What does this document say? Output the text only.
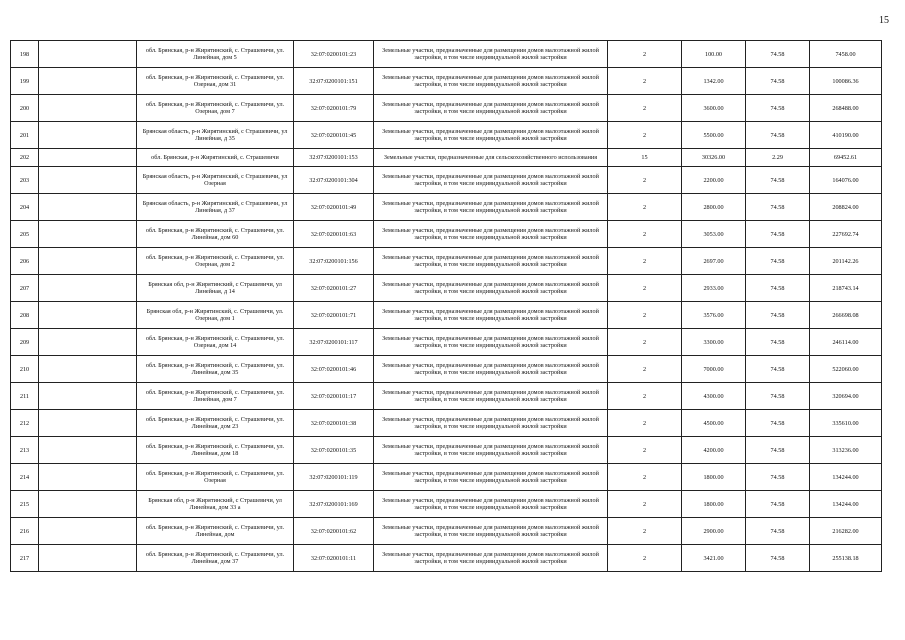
15
198		обл. Брянская, р-н Жирятинский, с. Страшевичи, ул. Линейная, дом 5	32:07:0200101:23	Земельные участки, предназначенные для размещения домов малоэтажной жилой застройки, в том числе индивидуальной жилой застройки	2	100.00	74.58	7458.00
199		обл. Брянская, р-н Жирятинский, с. Страшевичи, ул. Озерная, дом 31	32:07:0200101:151	Земельные участки, предназначенные для размещения домов малоэтажной жилой застройки, в том числе индивидуальной жилой застройки	2	1342.00	74.58	100086.36
200		обл. Брянская, р-н Жирятинский, с. Страшевичи, ул. Озерная, дом 7	32:07:0200101:79	Земельные участки, предназначенные для размещения домов малоэтажной жилой застройки, в том числе индивидуальной жилой застройки	2	3600.00	74.58	268488.00
201		Брянская область, р-н Жирятинский, с Страшевичи, ул Линейная, д 35	32:07:0200101:45	Земельные участки, предназначенные для размещения домов малоэтажной жилой застройки, в том числе индивидуальной жилой застройки	2	5500.00	74.58	410190.00
202		обл. Брянская, р-н Жирятинский, с. Страшевичи	32:07:0200101:153	Земельные участки, предназначенные для сельскохозяйственного использования	15	30326.00	2.29	69452.61
203		Брянская область, р-н Жирятинский, с Страшевичи, ул Озерная	32:07:0200101:304	Земельные участки, предназначенные для размещения домов малоэтажной жилой застройки, в том числе индивидуальной жилой застройки	2	2200.00	74.58	164076.00
204		Брянская область, р-н Жирятинский, с Страшевичи, ул Линейная, д 37	32:07:0200101:49	Земельные участки, предназначенные для размещения домов малоэтажной жилой застройки, в том числе индивидуальной жилой застройки	2	2800.00	74.58	208824.00
205		обл. Брянская, р-н Жирятинский, с. Страшевичи, ул. Линейная, дом 60	32:07:0200101:63	Земельные участки, предназначенные для размещения домов малоэтажной жилой застройки, в том числе индивидуальной жилой застройки	2	3053.00	74.58	227692.74
206		обл. Брянская, р-н Жирятинский, с. Страшевичи, ул. Озерная, дом 2	32:07:0200101:156	Земельные участки, предназначенные для размещения домов малоэтажной жилой застройки, в том числе индивидуальной жилой застройки	2	2697.00	74.58	201142.26
207		Брянская обл, р-н Жирятинский, с Страшевичи, ул Линейная, д 14	32:07:0200101:27	Земельные участки, предназначенные для размещения домов малоэтажной жилой застройки, в том числе индивидуальной жилой застройки	2	2933.00	74.58	218743.14
208		Брянская обл, р-н Жирятинский, с. Страшевичи, ул. Озерная, дом 1	32:07:0200101:71	Земельные участки, предназначенные для размещения домов малоэтажной жилой застройки, в том числе индивидуальной жилой застройки	2	3576.00	74.58	266698.08
209		обл. Брянская, р-н Жирятинский, с. Страшевичи, ул. Озерная, дом 14	32:07:0200101:117	Земельные участки, предназначенные для размещения домов малоэтажной жилой застройки, в том числе индивидуальной жилой застройки	2	3300.00	74.58	246114.00
210		обл. Брянская, р-н Жирятинский, с. Страшевичи, ул. Линейная, дом 35	32:07:0200101:46	Земельные участки, предназначенные для размещения домов малоэтажной жилой застройки, в том числе индивидуальной жилой застройки	2	7000.00	74.58	522060.00
211		обл. Брянская, р-н Жирятинский, с. Страшевичи, ул. Линейная, дом 7	32:07:0200101:17	Земельные участки, предназначенные для размещения домов малоэтажной жилой застройки, в том числе индивидуальной жилой застройки	2	4300.00	74.58	320694.00
212		обл. Брянская, р-н Жирятинский, с. Страшевичи, ул. Линейная, дом 23	32:07:0200101:38	Земельные участки, предназначенные для размещения домов малоэтажной жилой застройки, в том числе индивидуальной жилой застройки	2	4500.00	74.58	335610.00
213		обл. Брянская, р-н Жирятинский, с. Страшевичи, ул. Линейная, дом 18	32:07:0200101:35	Земельные участки, предназначенные для размещения домов малоэтажной жилой застройки, в том числе индивидуальной жилой застройки	2	4200.00	74.58	313236.00
214		обл. Брянская, р-н Жирятинский, с. Страшевичи, ул. Озерная	32:07:0200101:119	Земельные участки, предназначенные для размещения домов малоэтажной жилой застройки, в том числе индивидуальной жилой застройки	2	1800.00	74.58	134244.00
215		Брянская обл, р-н Жирятинский, с Страшевичи, ул Линейная, дом 33 а	32:07:0200101:169	Земельные участки, предназначенные для размещения домов малоэтажной жилой застройки, в том числе индивидуальной жилой застройки	2	1800.00	74.58	134244.00
216		обл. Брянская, р-н Жирятинский, с. Страшевичи, ул. Линейная, дом	32:07:0200101:62	Земельные участки, предназначенные для размещения домов малоэтажной жилой застройки, в том числе индивидуальной жилой застройки	2	2900.00	74.58	216282.00
217		обл. Брянская, р-н Жирятинский, с. Страшевичи, ул. Линейная, дом 37	32:07:0200101:11	Земельные участки, предназначенные для размещения домов малоэтажной жилой застройки, в том числе индивидуальной жилой застройки	2	3421.00	74.58	255138.18
